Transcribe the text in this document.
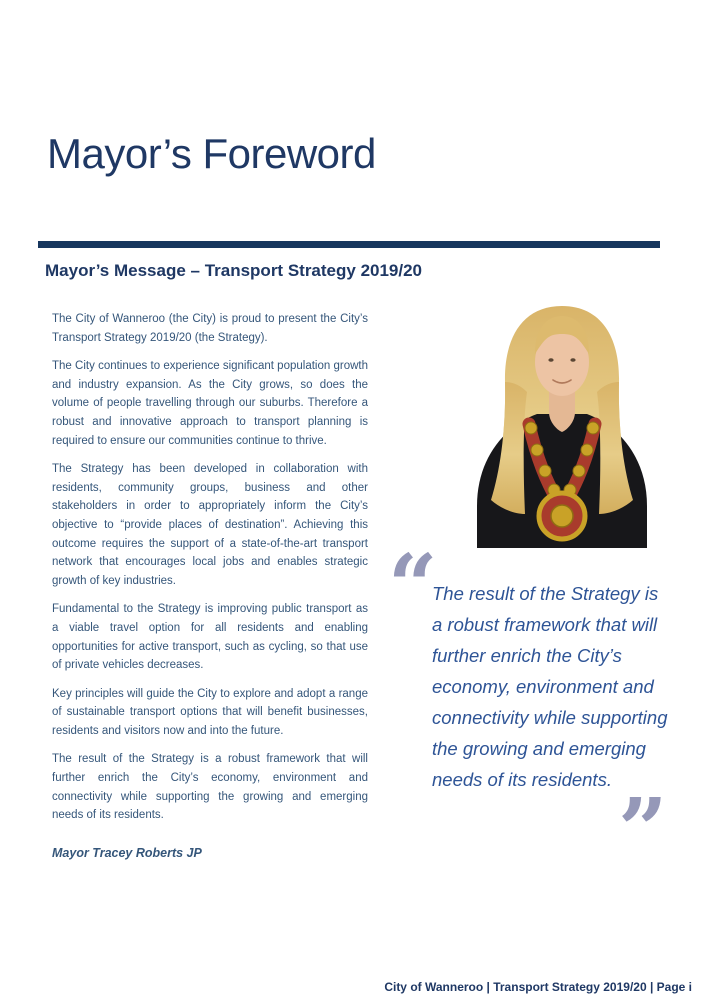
Mayor’s Foreword
Mayor’s Message – Transport Strategy 2019/20

The City of Wanneroo (the City) is proud to present the City’s Transport Strategy 2019/20 (the Strategy).

The City continues to experience significant population growth and industry expansion. As the City grows, so does the volume of people travelling through our suburbs. Therefore a robust and innovative approach to transport planning is required to ensure our communities continue to thrive.

The Strategy has been developed in collaboration with residents, community groups, business and other stakeholders in order to appropriately inform the City’s objective to “provide places of destination”. Achieving this outcome requires the support of a state-of-the-art transport network that encourages local jobs and enables strategic growth of key industries.

Fundamental to the Strategy is improving public transport as a viable travel option for all residents and enabling opportunities for active transport, such as cycling, so that use of private vehicles decreases.

Key principles will guide the City to explore and adopt a range of sustainable transport options that will benefit businesses, residents and visitors now and into the future.

The result of the Strategy is a robust framework that will further enrich the City’s economy, environment and connectivity while supporting the growing and emerging needs of its residents.

“
The result of the Strategy is a robust framework that will further enrich the City’s economy, environment and connectivity while supporting the growing and emerging needs of its residents.
”
Mayor Tracey Roberts JP
City of Wanneroo | Transport Strategy 2019/20 | Page i
